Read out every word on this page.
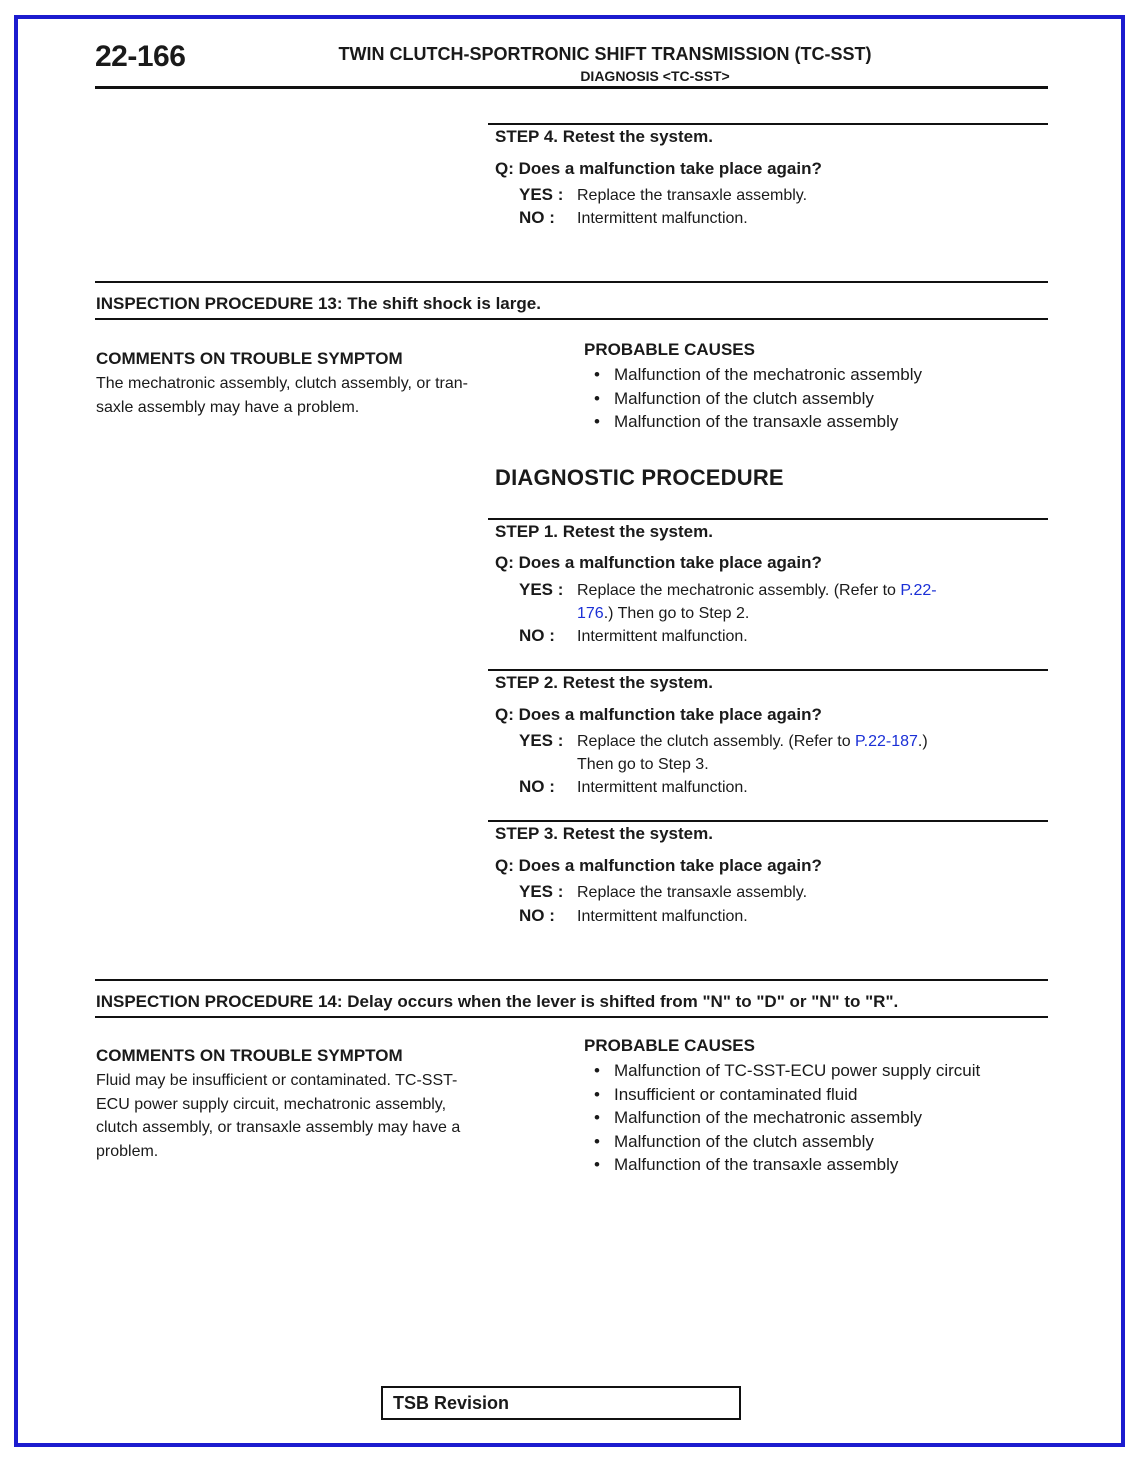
22-166	TWIN CLUTCH-SPORTRONIC SHIFT TRANSMISSION (TC-SST)
DIAGNOSIS <TC-SST>
STEP 4. Retest the system.
Q: Does a malfunction take place again?
YES : Replace the transaxle assembly.
NO : Intermittent malfunction.
INSPECTION PROCEDURE 13: The shift shock is large.
COMMENTS ON TROUBLE SYMPTOM
The mechatronic assembly, clutch assembly, or tran-
saxle assembly may have a problem.
PROBABLE CAUSES
• Malfunction of the mechatronic assembly
• Malfunction of the clutch assembly
• Malfunction of the transaxle assembly
DIAGNOSTIC PROCEDURE
STEP 1. Retest the system.
Q: Does a malfunction take place again?
YES : Replace the mechatronic assembly. (Refer to P.22-
176.) Then go to Step 2.
NO : Intermittent malfunction.
STEP 2. Retest the system.
Q: Does a malfunction take place again?
YES : Replace the clutch assembly. (Refer to P.22-187.)
Then go to Step 3.
NO : Intermittent malfunction.
STEP 3. Retest the system.
Q: Does a malfunction take place again?
YES : Replace the transaxle assembly.
NO : Intermittent malfunction.
INSPECTION PROCEDURE 14: Delay occurs when the lever is shifted from "N" to "D" or "N" to "R".
COMMENTS ON TROUBLE SYMPTOM
Fluid may be insufficient or contaminated. TC-SST-
ECU power supply circuit, mechatronic assembly,
clutch assembly, or transaxle assembly may have a
problem.
PROBABLE CAUSES
• Malfunction of TC-SST-ECU power supply circuit
• Insufficient or contaminated fluid
• Malfunction of the mechatronic assembly
• Malfunction of the clutch assembly
• Malfunction of the transaxle assembly
TSB Revision
